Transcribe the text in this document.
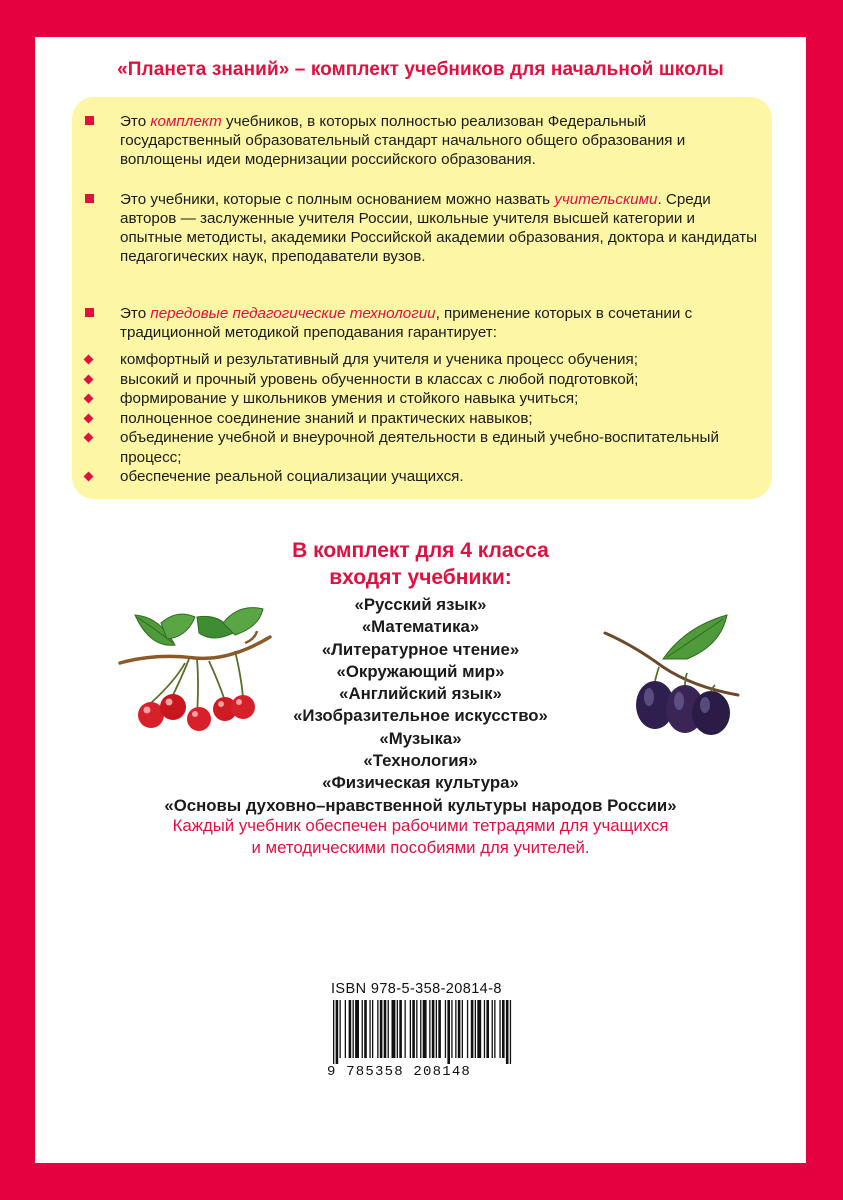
«Планета знаний» – комплект учебников для начальной школы
Это комплект учебников, в которых полностью реализован Федеральный государственный образовательный стандарт начального общего образования и воплощены идеи модернизации российского образования.
Это учебники, которые с полным основанием можно назвать учительскими. Среди авторов — заслуженные учителя России, школьные учителя высшей категории и опытные методисты, академики Российской академии образования, доктора и кандидаты педагогических наук, преподаватели вузов.
Это передовые педагогические технологии, применение которых в сочетании с традиционной методикой преподавания гарантирует:
комфортный и результативный для учителя и ученика процесс обучения;
высокий и прочный уровень обученности в классах с любой подготовкой;
формирование у школьников умения и стойкого навыка учиться;
полноценное соединение знаний и практических навыков;
объединение учебной и внеурочной деятельности в единый учебно-воспитательный процесс;
обеспечение реальной социализации учащихся.
В комплект для 4 класса
входят учебники:
«Русский язык»
«Математика»
«Литературное чтение»
«Окружающий мир»
«Английский язык»
«Изобразительное искусство»
«Музыка»
«Технология»
«Физическая культура»
«Основы духовно–нравственной культуры народов России»
Каждый учебник обеспечен рабочими тетрадями для учащихся
и методическими пособиями для учителей.
ISBN 978-5-358-20814-8
9 785358 208148
